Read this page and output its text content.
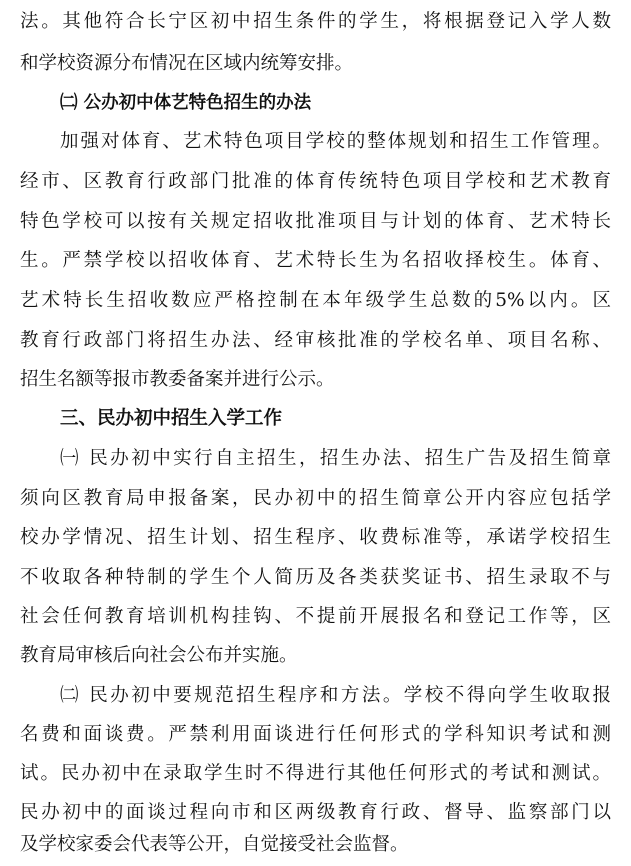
法。其他符合长宁区初中招生条件的学生，将根据登记入学人数
和学校资源分布情况在区域内统筹安排。
㈡ 公办初中体艺特色招生的办法
加强对体育、艺术特色项目学校的整体规划和招生工作管理。
经市、区教育行政部门批准的体育传统特色项目学校和艺术教育
特色学校可以按有关规定招收批准项目与计划的体育、艺术特长
生。严禁学校以招收体育、艺术特长生为名招收择校生。体育、
艺术特长生招收数应严格控制在本年级学生总数的5%以内。区
教育行政部门将招生办法、经审核批准的学校名单、项目名称、
招生名额等报市教委备案并进行公示。
三、民办初中招生入学工作
㈠ 民办初中实行自主招生，招生办法、招生广告及招生简章
须向区教育局申报备案，民办初中的招生简章公开内容应包括学
校办学情况、招生计划、招生程序、收费标准等，承诺学校招生
不收取各种特制的学生个人简历及各类获奖证书、招生录取不与
社会任何教育培训机构挂钩、不提前开展报名和登记工作等，区
教育局审核后向社会公布并实施。
㈡ 民办初中要规范招生程序和方法。学校不得向学生收取报
名费和面谈费。严禁利用面谈进行任何形式的学科知识考试和测
试。民办初中在录取学生时不得进行其他任何形式的考试和测试。
民办初中的面谈过程向市和区两级教育行政、督导、监察部门以
及学校家委会代表等公开，自觉接受社会监督。
